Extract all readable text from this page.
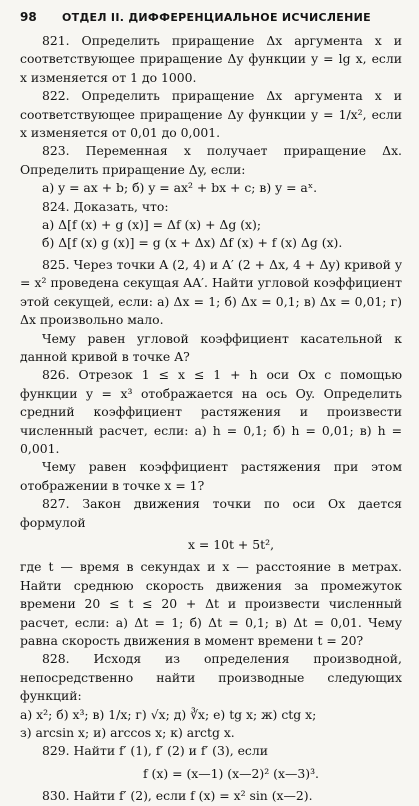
98 ОТДЕЛ II. ДИФФЕРЕНЦИАЛЬНОЕ ИСЧИСЛЕНИЕ

821. Определить приращение Δx аргумента x и соответствующее приращение Δy функции y = lg x, если x изменяется от 1 до 1000.

822. Определить приращение Δx аргумента x и соответствующее приращение Δy функции y = 1/x², если x изменяется от 0,01 до 0,001.

823. Переменная x получает приращение Δx. Определить приращение Δy, если:

а) y = ax + b; б) y = ax² + bx + c; в) y = aˣ.

824. Доказать, что:

а) Δ[f (x) + g (x)] = Δf (x) + Δg (x);

б) Δ[f (x) g (x)] = g (x + Δx) Δf (x) + f (x) Δg (x).

825. Через точки A (2, 4) и A′ (2 + Δx, 4 + Δy) кривой y = x² проведена секущая AA′. Найти угловой коэффициент этой секущей, если: а) Δx = 1; б) Δx = 0,1; в) Δx = 0,01; г) Δx произвольно мало.

Чему равен угловой коэффициент касательной к данной кривой в точке A?

826. Отрезок 1 ≤ x ≤ 1 + h оси Ox с помощью функции y = x³ отображается на ось Oy. Определить средний коэффициент растяжения и произвести численный расчет, если: а) h = 0,1; б) h = 0,01; в) h = 0,001.

Чему равен коэффициент растяжения при этом отображении в точке x = 1?

827. Закон движения точки по оси Ox дается формулой

x = 10t + 5t²,

где t — время в секундах и x — расстояние в метрах. Найти среднюю скорость движения за промежуток времени 20 ≤ t ≤ 20 + Δt и произвести численный расчет, если: а) Δt = 1; б) Δt = 0,1; в) Δt = 0,01. Чему равна скорость движения в момент времени t = 20?

828. Исходя из определения производной, непосредственно найти производные следующих функций:

а) x²; б) x³; в) 1/x; г) √x; д) ∛x; е) tg x; ж) ctg x;

з) arcsin x; и) arccos x; к) arctg x.

829. Найти f′ (1), f′ (2) и f′ (3), если

f (x) = (x—1) (x—2)² (x—3)³.

830. Найти f′ (2), если f (x) = x² sin (x—2).
